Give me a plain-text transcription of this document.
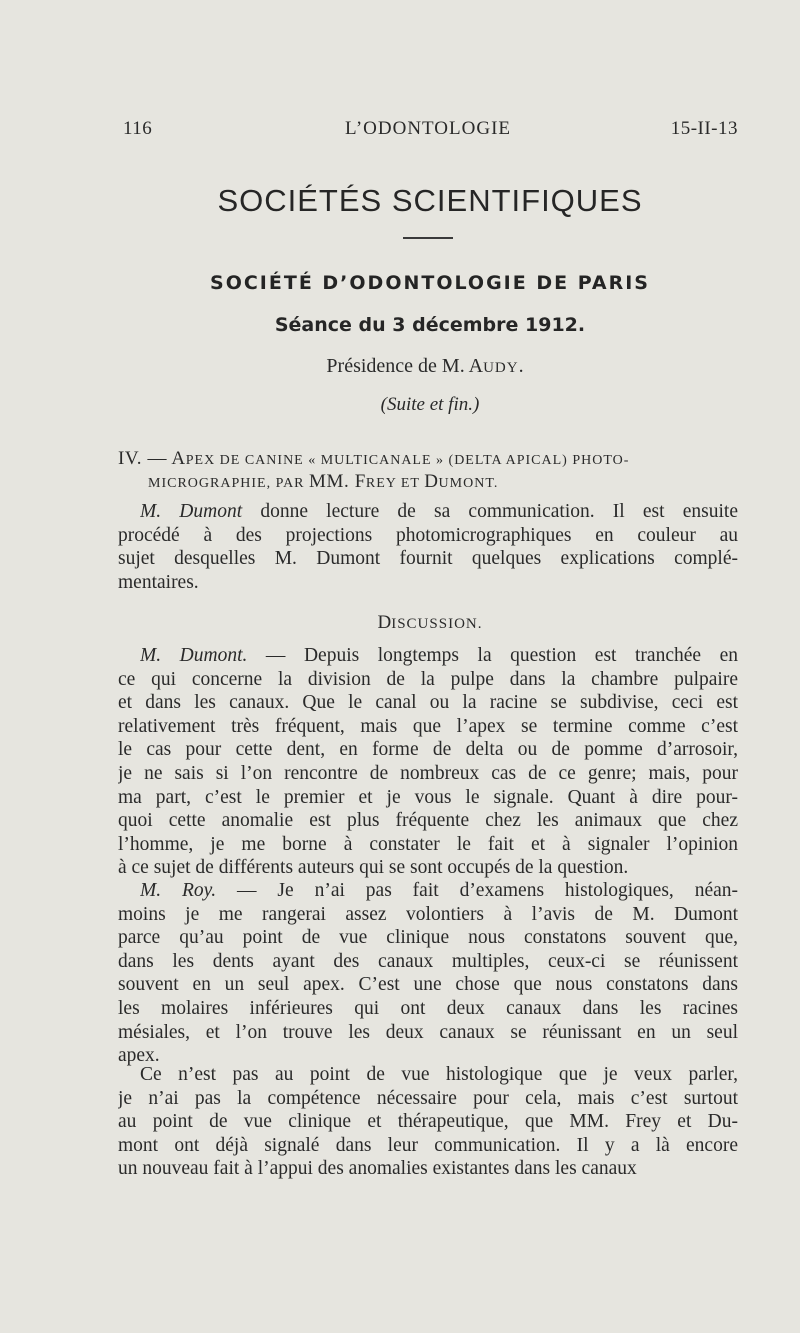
116	L’ODONTOLOGIE	15-II-13
SOCIÉTÉS SCIENTIFIQUES
SOCIÉTÉ D’ODONTOLOGIE DE PARIS
Séance du 3 décembre 1912.
Présidence de M. AUDY.
(Suite et fin.)
IV. — APEX DE CANINE « MULTICANALE » (DELTA APICAL) PHOTO-
MICROGRAPHIE, PAR MM. FREY ET DUMONT.
M. Dumont donne lecture de sa communication. Il est ensuite
procédé à des projections photomicrographiques en couleur au
sujet desquelles M. Dumont fournit quelques explications complé-
mentaires.
DISCUSSION.
M. Dumont. — Depuis longtemps la question est tranchée en
ce qui concerne la division de la pulpe dans la chambre pulpaire
et dans les canaux. Que le canal ou la racine se subdivise, ceci est
relativement très fréquent, mais que l’apex se termine comme c’est
le cas pour cette dent, en forme de delta ou de pomme d’arrosoir,
je ne sais si l’on rencontre de nombreux cas de ce genre; mais, pour
ma part, c’est le premier et je vous le signale. Quant à dire pour-
quoi cette anomalie est plus fréquente chez les animaux que chez
l’homme, je me borne à constater le fait et à signaler l’opinion
à ce sujet de différents auteurs qui se sont occupés de la question.
M. Roy. — Je n’ai pas fait d’examens histologiques, néan-
moins je me rangerai assez volontiers à l’avis de M. Dumont
parce qu’au point de vue clinique nous constatons souvent que,
dans les dents ayant des canaux multiples, ceux-ci se réunissent
souvent en un seul apex. C’est une chose que nous constatons dans
les molaires inférieures qui ont deux canaux dans les racines
mésiales, et l’on trouve les deux canaux se réunissant en un seul
apex.
Ce n’est pas au point de vue histologique que je veux parler,
je n’ai pas la compétence nécessaire pour cela, mais c’est surtout
au point de vue clinique et thérapeutique, que MM. Frey et Du-
mont ont déjà signalé dans leur communication. Il y a là encore
un nouveau fait à l’appui des anomalies existantes dans les canaux
